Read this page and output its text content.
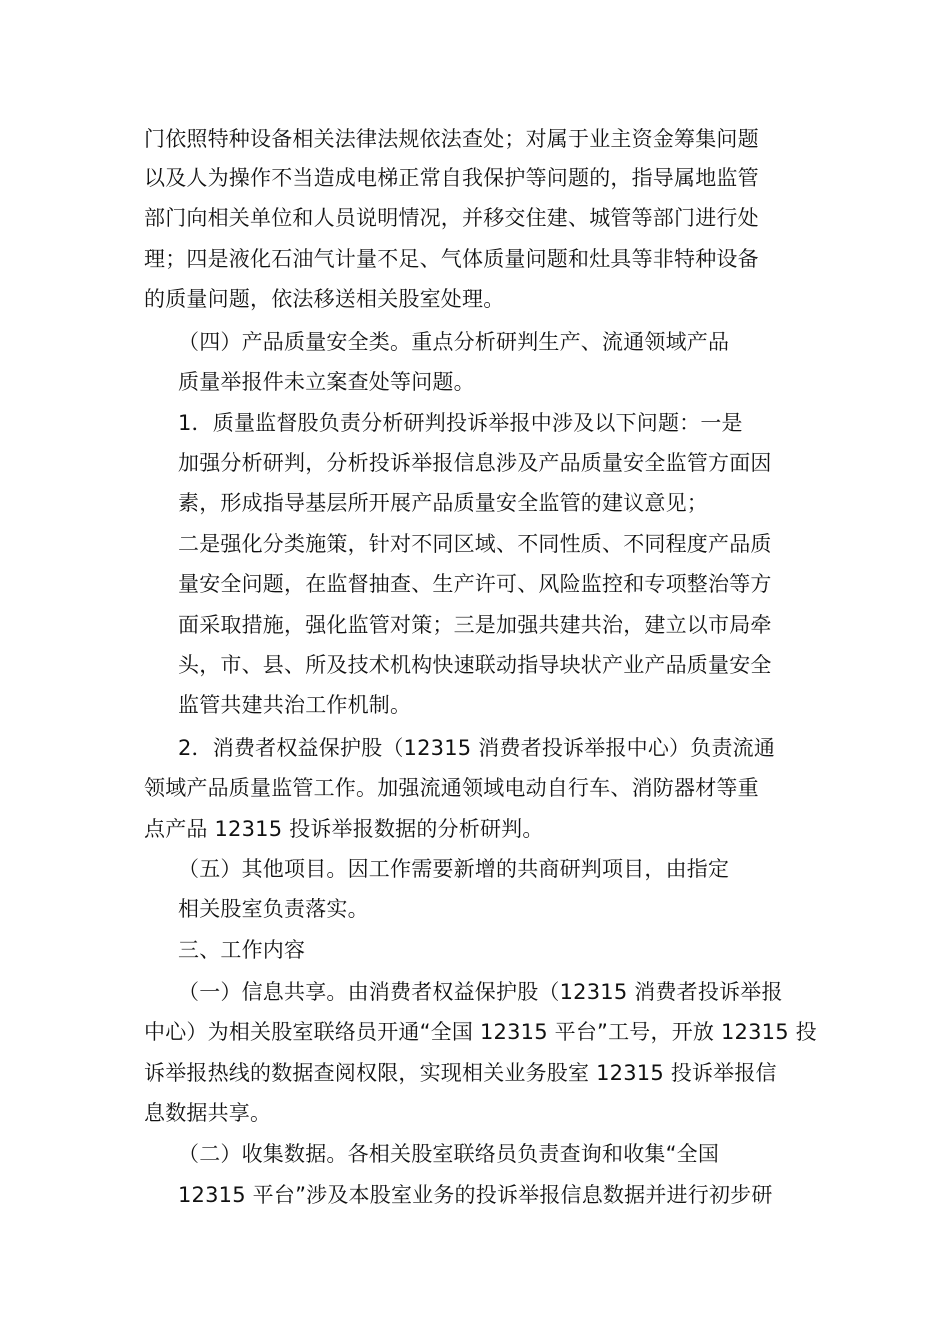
门依照特种设备相关法律法规依法查处；对属于业主资金筹集问题
以及人为操作不当造成电梯正常自我保护等问题的，指导属地监管
部门向相关单位和人员说明情况，并移交住建、城管等部门进行处
理；四是液化石油气计量不足、气体质量问题和灶具等非特种设备
的质量问题，依法移送相关股室处理。
（四）产品质量安全类。重点分析研判生产、流通领域产品
质量举报件未立案查处等问题。
1．质量监督股负责分析研判投诉举报中涉及以下问题：一是
加强分析研判，分析投诉举报信息涉及产品质量安全监管方面因
素，形成指导基层所开展产品质量安全监管的建议意见；
二是强化分类施策，针对不同区域、不同性质、不同程度产品质
量安全问题，在监督抽查、生产许可、风险监控和专项整治等方
面采取措施，强化监管对策；三是加强共建共治，建立以市局牵
头，市、县、所及技术机构快速联动指导块状产业产品质量安全
监管共建共治工作机制。
2．消费者权益保护股（12315 消费者投诉举报中心）负责流通
领域产品质量监管工作。加强流通领域电动自行车、消防器材等重
点产品 12315 投诉举报数据的分析研判。
（五）其他项目。因工作需要新增的共商研判项目，由指定
相关股室负责落实。
三、工作内容
（一）信息共享。由消费者权益保护股（12315 消费者投诉举报
中心）为相关股室联络员开通“全国 12315 平台”工号，开放 12315 投
诉举报热线的数据查阅权限，实现相关业务股室 12315 投诉举报信
息数据共享。
（二）收集数据。各相关股室联络员负责查询和收集“全国
12315 平台”涉及本股室业务的投诉举报信息数据并进行初步研
